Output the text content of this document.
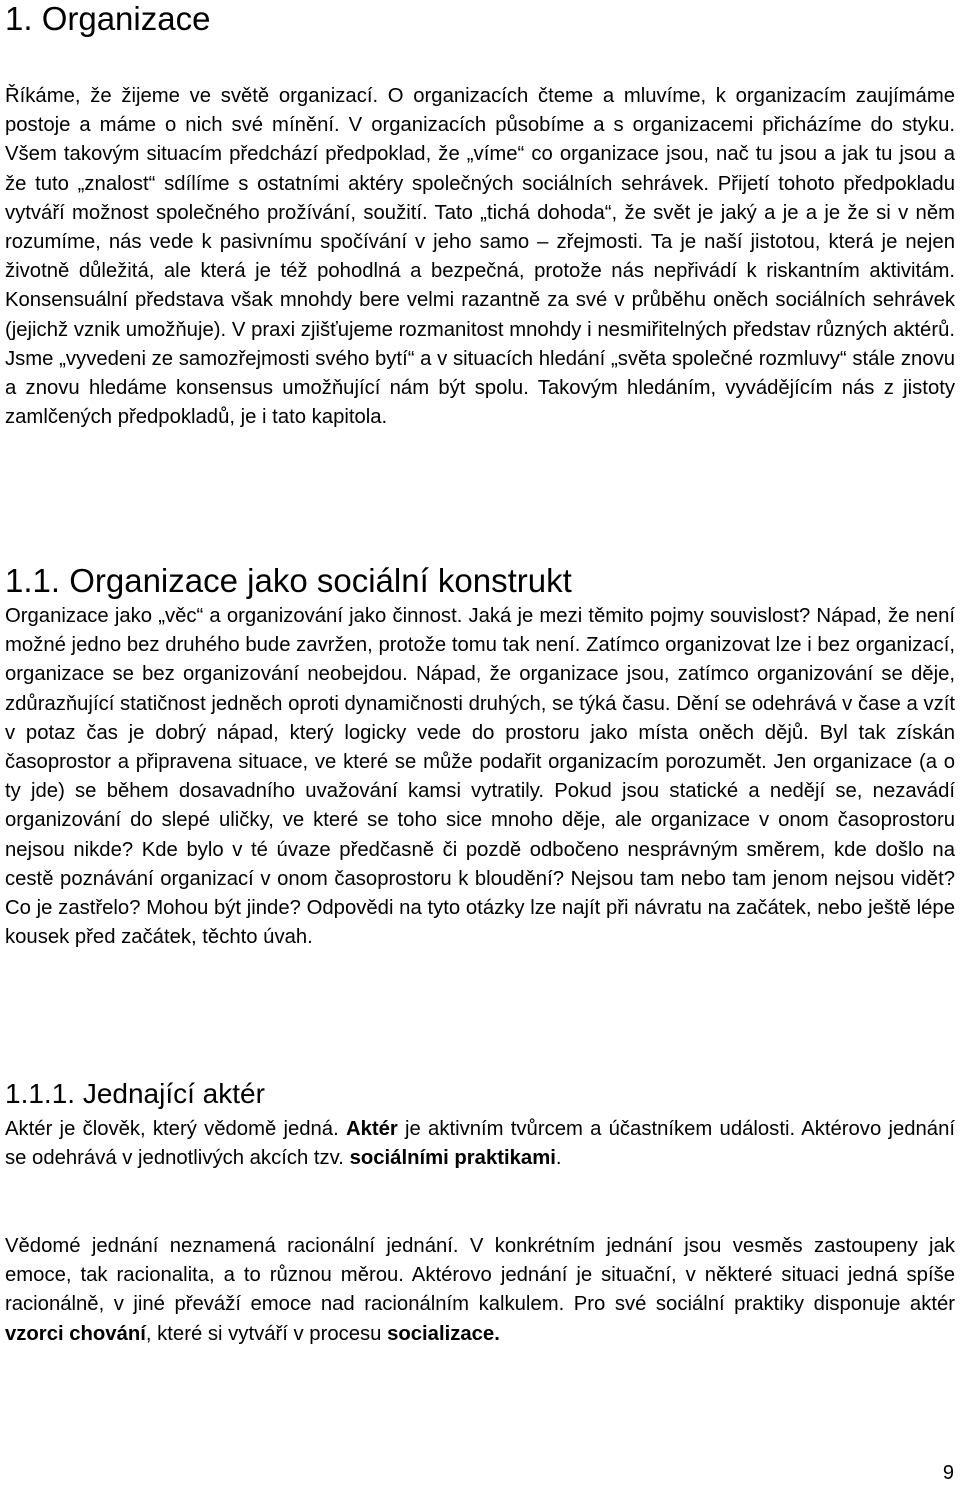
1. Organizace

Říkáme, že žijeme ve světě organizací. O organizacích čteme a mluvíme, k organizacím zaujímáme postoje a máme o nich své mínění. V organizacích působíme a s organizacemi přicházíme do styku. Všem takovým situacím předchází předpoklad, že „víme“ co organizace jsou, nač tu jsou a jak tu jsou a že tuto „znalost“ sdílíme s ostatními aktéry společných sociálních sehrávek. Přijetí tohoto předpokladu vytváří možnost společného prožívání, soužití. Tato „tichá dohoda“, že svět je jaký a je a je že si v něm rozumíme, nás vede k pasivnímu spočívání v jeho samo – zřejmosti. Ta je naší jistotou, která je nejen životně důležitá, ale která je též pohodlná a bezpečná, protože nás nepřivádí k riskantním aktivitám. Konsensuální představa však mnohdy bere velmi razantně za své v průběhu oněch sociálních sehrávek (jejichž vznik umožňuje). V praxi zjišťujeme rozmanitost mnohdy i nesmiřitelných představ různých aktérů. Jsme „vyvedeni ze samozřejmosti svého bytí“ a v situacích hledání „světa společné rozmluvy“ stále znovu a znovu hledáme konsensus umožňující nám být spolu. Takovým hledáním, vyvádějícím nás z jistoty zamlčených předpokladů, je i tato kapitola.

1.1. Organizace jako sociální konstrukt

Organizace jako „věc“ a organizování jako činnost. Jaká je mezi těmito pojmy souvislost? Nápad, že není možné jedno bez druhého bude zavržen, protože tomu tak není. Zatímco organizovat lze i bez organizací, organizace se bez organizování neobejdou. Nápad, že organizace jsou, zatímco organizování se děje, zdůrazňující statičnost jedněch oproti dynamičnosti druhých, se týká času. Dění se odehrává v čase a vzít v potaz čas je dobrý nápad, který logicky vede do prostoru jako místa oněch dějů. Byl tak získán časoprostor a připravena situace, ve které se může podařit organizacím porozumět. Jen organizace (a o ty jde) se během dosavadního uvažování kamsi vytratily. Pokud jsou statické a nedějí se, nezavádí organizování do slepé uličky, ve které se toho sice mnoho děje, ale organizace v onom časoprostoru nejsou nikde? Kde bylo v té úvaze předčasně či pozdě odbočeno nesprávným směrem, kde došlo na cestě poznávání organizací v onom časoprostoru k bloudění? Nejsou tam nebo tam jenom nejsou vidět? Co je zastřelo? Mohou být jinde? Odpovědi na tyto otázky lze najít při návratu na začátek, nebo ještě lépe kousek před začátek, těchto úvah.

1.1.1. Jednající aktér

Aktér je člověk, který vědomě jedná. Aktér je aktivním tvůrcem a účastníkem události. Aktérovo jednání se odehrává v jednotlivých akcích tzv. sociálními praktikami.

Vědomé jednání neznamená racionální jednání. V konkrétním jednání jsou vesměs zastoupeny jak emoce, tak racionalita, a to různou měrou. Aktérovo jednání je situační, v některé situaci jedná spíše racionálně, v jiné převáží emoce nad racionálním kalkulem. Pro své sociální praktiky disponuje aktér vzorci chování, které si vytváří v procesu socializace.

9
